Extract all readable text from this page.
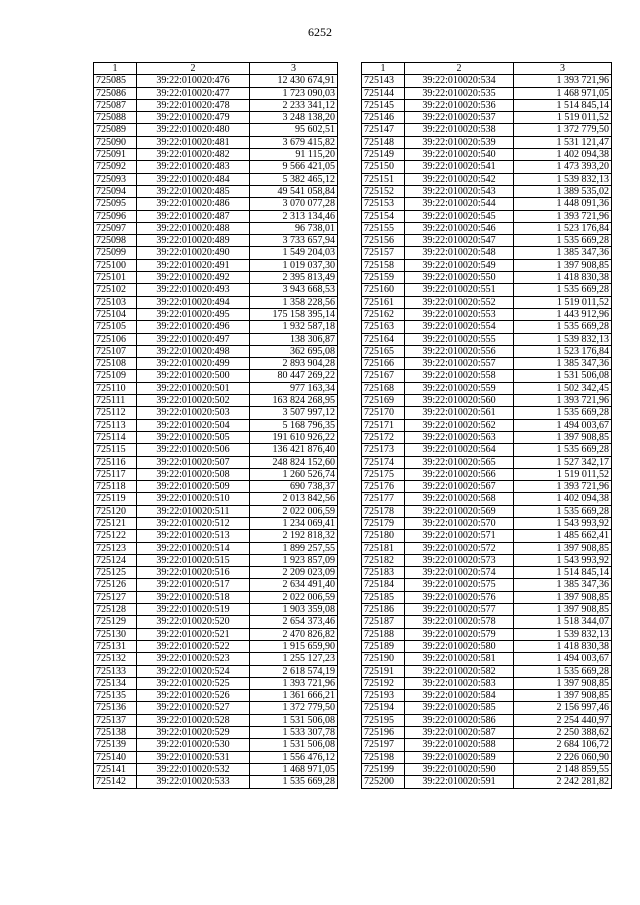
6252
1	2	3
725085	39:22:010020:476	12 430 674,91
725086	39:22:010020:477	1 723 090,03
725087	39:22:010020:478	2 233 341,12
725088	39:22:010020:479	3 248 138,20
725089	39:22:010020:480	95 602,51
725090	39:22:010020:481	3 679 415,82
725091	39:22:010020:482	91 115,20
725092	39:22:010020:483	9 566 421,05
725093	39:22:010020:484	5 382 465,12
725094	39:22:010020:485	49 541 058,84
725095	39:22:010020:486	3 070 077,28
725096	39:22:010020:487	2 313 134,46
725097	39:22:010020:488	96 738,01
725098	39:22:010020:489	3 733 657,94
725099	39:22:010020:490	1 549 204,03
725100	39:22:010020:491	1 019 037,30
725101	39:22:010020:492	2 395 813,49
725102	39:22:010020:493	3 943 668,53
725103	39:22:010020:494	1 358 228,56
725104	39:22:010020:495	175 158 395,14
725105	39:22:010020:496	1 932 587,18
725106	39:22:010020:497	138 306,87
725107	39:22:010020:498	362 695,08
725108	39:22:010020:499	2 893 904,28
725109	39:22:010020:500	80 447 269,22
725110	39:22:010020:501	977 163,34
725111	39:22:010020:502	163 824 268,95
725112	39:22:010020:503	3 507 997,12
725113	39:22:010020:504	5 168 796,35
725114	39:22:010020:505	191 610 926,22
725115	39:22:010020:506	136 421 876,40
725116	39:22:010020:507	248 824 152,60
725117	39:22:010020:508	1 260 526,74
725118	39:22:010020:509	690 738,37
725119	39:22:010020:510	2 013 842,56
725120	39:22:010020:511	2 022 006,59
725121	39:22:010020:512	1 234 069,41
725122	39:22:010020:513	2 192 818,32
725123	39:22:010020:514	1 899 257,55
725124	39:22:010020:515	1 923 857,09
725125	39:22:010020:516	2 209 023,09
725126	39:22:010020:517	2 634 491,40
725127	39:22:010020:518	2 022 006,59
725128	39:22:010020:519	1 903 359,08
725129	39:22:010020:520	2 654 373,46
725130	39:22:010020:521	2 470 826,82
725131	39:22:010020:522	1 915 659,90
725132	39:22:010020:523	1 255 127,23
725133	39:22:010020:524	2 618 574,19
725134	39:22:010020:525	1 393 721,96
725135	39:22:010020:526	1 361 666,21
725136	39:22:010020:527	1 372 779,50
725137	39:22:010020:528	1 531 506,08
725138	39:22:010020:529	1 533 307,78
725139	39:22:010020:530	1 531 506,08
725140	39:22:010020:531	1 556 476,12
725141	39:22:010020:532	1 468 971,05
725142	39:22:010020:533	1 535 669,28
1	2	3
725143	39:22:010020:534	1 393 721,96
725144	39:22:010020:535	1 468 971,05
725145	39:22:010020:536	1 514 845,14
725146	39:22:010020:537	1 519 011,52
725147	39:22:010020:538	1 372 779,50
725148	39:22:010020:539	1 531 121,47
725149	39:22:010020:540	1 402 094,38
725150	39:22:010020:541	1 473 393,20
725151	39:22:010020:542	1 539 832,13
725152	39:22:010020:543	1 389 535,02
725153	39:22:010020:544	1 448 091,36
725154	39:22:010020:545	1 393 721,96
725155	39:22:010020:546	1 523 176,84
725156	39:22:010020:547	1 535 669,28
725157	39:22:010020:548	1 385 347,36
725158	39:22:010020:549	1 397 908,85
725159	39:22:010020:550	1 418 830,38
725160	39:22:010020:551	1 535 669,28
725161	39:22:010020:552	1 519 011,52
725162	39:22:010020:553	1 443 912,96
725163	39:22:010020:554	1 535 669,28
725164	39:22:010020:555	1 539 832,13
725165	39:22:010020:556	1 523 176,84
725166	39:22:010020:557	1 385 347,36
725167	39:22:010020:558	1 531 506,08
725168	39:22:010020:559	1 502 342,45
725169	39:22:010020:560	1 393 721,96
725170	39:22:010020:561	1 535 669,28
725171	39:22:010020:562	1 494 003,67
725172	39:22:010020:563	1 397 908,85
725173	39:22:010020:564	1 535 669,28
725174	39:22:010020:565	1 527 342,17
725175	39:22:010020:566	1 519 011,52
725176	39:22:010020:567	1 393 721,96
725177	39:22:010020:568	1 402 094,38
725178	39:22:010020:569	1 535 669,28
725179	39:22:010020:570	1 543 993,92
725180	39:22:010020:571	1 485 662,41
725181	39:22:010020:572	1 397 908,85
725182	39:22:010020:573	1 543 993,92
725183	39:22:010020:574	1 514 845,14
725184	39:22:010020:575	1 385 347,36
725185	39:22:010020:576	1 397 908,85
725186	39:22:010020:577	1 397 908,85
725187	39:22:010020:578	1 518 344,07
725188	39:22:010020:579	1 539 832,13
725189	39:22:010020:580	1 418 830,38
725190	39:22:010020:581	1 494 003,67
725191	39:22:010020:582	1 535 669,28
725192	39:22:010020:583	1 397 908,85
725193	39:22:010020:584	1 397 908,85
725194	39:22:010020:585	2 156 997,46
725195	39:22:010020:586	2 254 440,97
725196	39:22:010020:587	2 250 388,62
725197	39:22:010020:588	2 684 106,72
725198	39:22:010020:589	2 226 060,90
725199	39:22:010020:590	2 148 859,55
725200	39:22:010020:591	2 242 281,82
